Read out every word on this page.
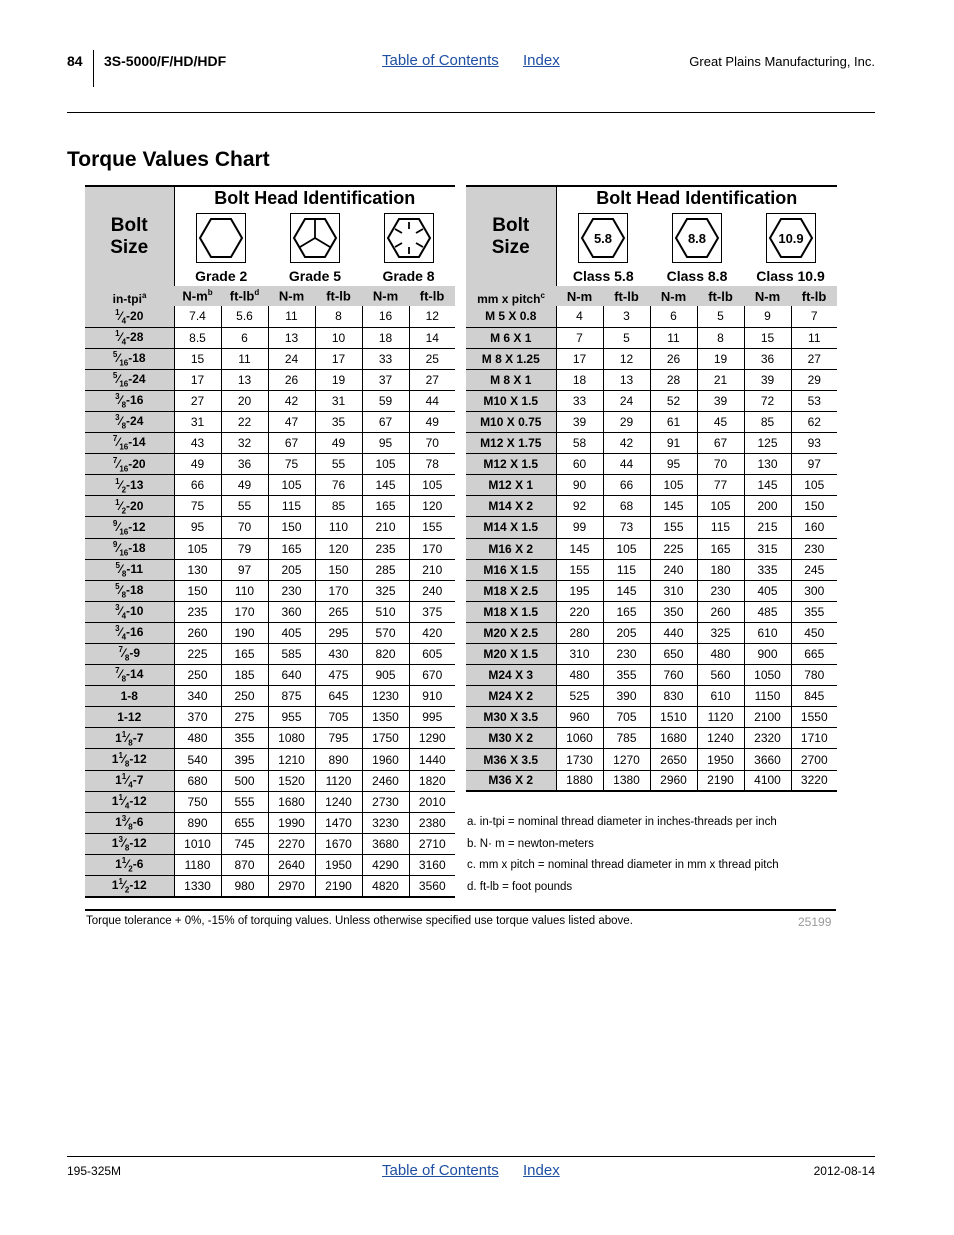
84 3S-5000/F/HD/HDF	Table of Contents Index	Great Plains Manufacturing, Inc.
Torque Values Chart
Bolt
Size	Bolt Head Identification					

	Grade 2		Grade 5		Grade 8	
in-tpi$^a$	$N-m^b$	$ft-lb^d$	N-m	ft-lb	N-m	ft-lb
$^1⁄_4-20$	7.4	5.6	11	8	16	12
$^1⁄_4-28$	8.5	6	13	10	18	14
$^5⁄_{16}-18$	15	11	24	17	33	25
$^5⁄_{16}-24$	17	13	26	19	37	27
$^3⁄_8-16$	27	20	42	31	59	44
$^3⁄_8-24$	31	22	47	35	67	49
$^7⁄_{16}-14$	43	32	67	49	95	70
$^7⁄_{16}-20$	49	36	75	55	105	78
$^1⁄_2-13$	66	49	105	76	145	105
$^1⁄_2-20$	75	55	115	85	165	120
$^9⁄_{16}-12$	95	70	150	110	210	155
$^9⁄_{16}-18$	105	79	165	120	235	170
$^5⁄_8-11$	130	97	205	150	285	210
$^5⁄_8-18$	150	110	230	170	325	240
$^3⁄_4-10$	235	170	360	265	510	375
$^3⁄_4-16$	260	190	405	295	570	420
$^7⁄_8-9$	225	165	585	430	820	605
$^7⁄_8-14$	250	185	640	475	905	670
1-8	340	250	875	645	1230	910
1-12	370	275	955	705	1350	995
$1^1⁄_8-7$	480	355	1080	795	1750	1290
$1^1⁄_8-12$	540	395	1210	890	1960	1440
$1^1⁄_4-7$	680	500	1520	1120	2460	1820
$1^1⁄_4-12$	750	555	1680	1240	2730	2010
$1^3⁄_8-6$	890	655	1990	1470	3230	2380
$1^3⁄_8-12$	1010	745	2270	1670	3680	2710
$1^1⁄_2-6$	1180	870	2640	1950	4290	3160
$1^1⁄_2-12$	1330	980	2970	2190	4820	3560
Bolt
Size	Bolt Head Identification					

5.8		8.8		10.9	

	Class 5.8		Class 8.8		Class 10.9	
mm x pitch$^c$	N-m	ft-lb	N-m	ft-lb	N-m	ft-lb
M 5 X 0.8	4	3	6	5	9	7
M 6 X 1	7	5	11	8	15	11
M 8 X 1.25	17	12	26	19	36	27
M 8 X 1	18	13	28	21	39	29
M10 X 1.5	33	24	52	39	72	53
M10 X 0.75	39	29	61	45	85	62
M12 X 1.75	58	42	91	67	125	93
M12 X 1.5	60	44	95	70	130	97
M12 X 1	90	66	105	77	145	105
M14 X 2	92	68	145	105	200	150
M14 X 1.5	99	73	155	115	215	160
M16 X 2	145	105	225	165	315	230
M16 X 1.5	155	115	240	180	335	245
M18 X 2.5	195	145	310	230	405	300
M18 X 1.5	220	165	350	260	485	355
M20 X 2.5	280	205	440	325	610	450
M20 X 1.5	310	230	650	480	900	665
M24 X 3	480	355	760	560	1050	780
M24 X 2	525	390	830	610	1150	845
M30 X 3.5	960	705	1510	1120	2100	1550
M30 X 2	1060	785	1680	1240	2320	1710
M36 X 3.5	1730	1270	2650	1950	3660	2700
M36 X 2	1880	1380	2960	2190	4100	3220
a. in-tpi = nominal thread diameter in inches-threads per inch
b. N· m = newton-meters
c. mm x pitch = nominal thread diameter in mm x thread pitch
d. ft-lb = foot pounds
Torque tolerance + 0%, -15% of torquing values. Unless otherwise specified use torque values listed above.	25199
195-325M	Table of Contents Index	2012-08-14
